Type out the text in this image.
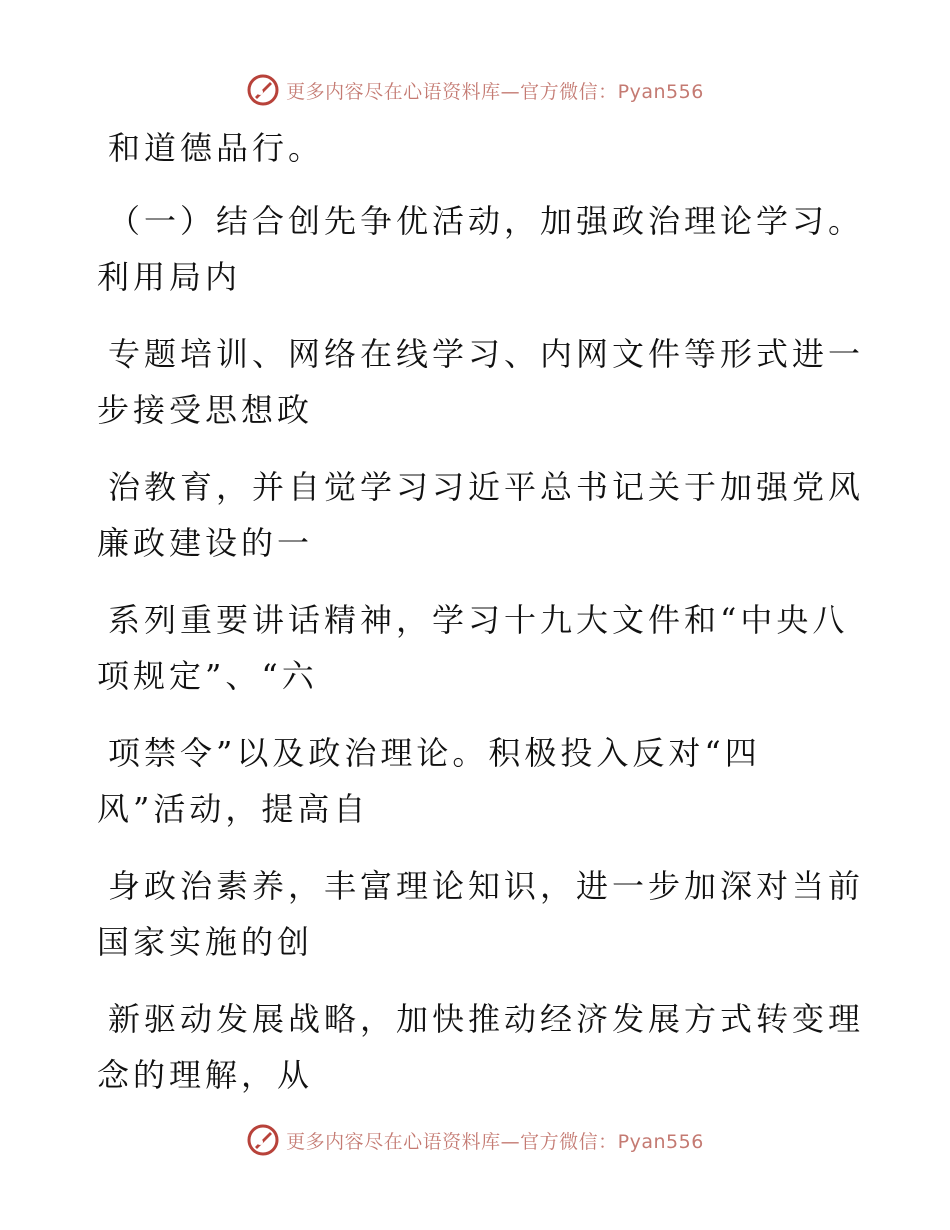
更多内容尽在心语资料库—官方微信：Pyan556
和道德品行。
（一）结合创先争优活动，加强政治理论学习。
利用局内
专题培训、网络在线学习、内网文件等形式进一
步接受思想政
治教育，并自觉学习习近平总书记关于加强党风
廉政建设的一
系列重要讲话精神，学习十九大文件和“中央八
项规定”、“六
项禁令”以及政治理论。积极投入反对“四
风”活动，提高自
身政治素养，丰富理论知识，进一步加深对当前
国家实施的创
新驱动发展战略，加快推动经济发展方式转变理
念的理解，从
更多内容尽在心语资料库—官方微信：Pyan556
